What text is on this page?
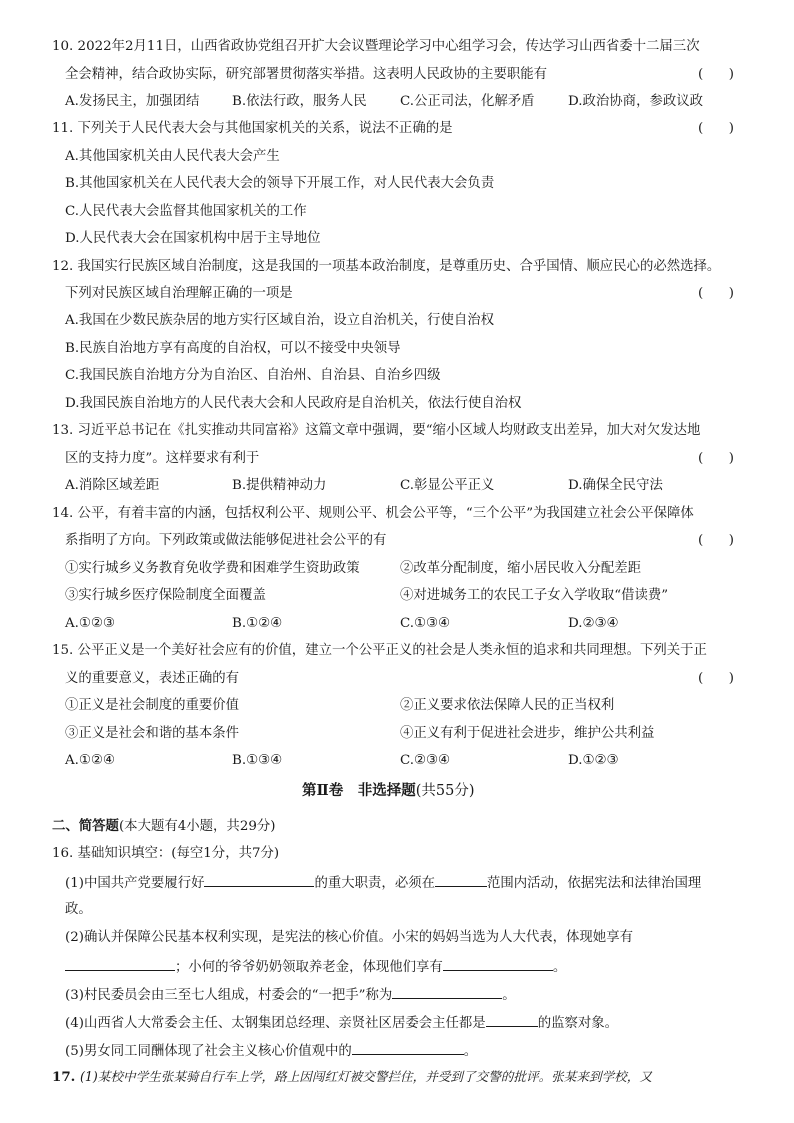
10. 2022年2月11日，山西省政协党组召开扩大会议暨理论学习中心组学习会，传达学习山西省委十二届三次
全会精神，结合政协实际，研究部署贯彻落实举措。这表明人民政协的主要职能有	(      )
A.发扬民主，加强团结 B.依法行政，服务人民 C.公正司法，化解矛盾 D.政治协商，参政议政
11. 下列关于人民代表大会与其他国家机关的关系，说法不正确的是	(      )
A.其他国家机关由人民代表大会产生
B.其他国家机关在人民代表大会的领导下开展工作，对人民代表大会负责
C.人民代表大会监督其他国家机关的工作
D.人民代表大会在国家机构中居于主导地位
12. 我国实行民族区域自治制度，这是我国的一项基本政治制度，是尊重历史、合乎国情、顺应民心的必然选择。
下列对民族区域自治理解正确的一项是	(      )
A.我国在少数民族杂居的地方实行区域自治，设立自治机关，行使自治权
B.民族自治地方享有高度的自治权，可以不接受中央领导
C.我国民族自治地方分为自治区、自治州、自治县、自治乡四级
D.我国民族自治地方的人民代表大会和人民政府是自治机关，依法行使自治权
13. 习近平总书记在《扎实推动共同富裕》这篇文章中强调，要“缩小区域人均财政支出差异，加大对欠发达地
区的支持力度”。这样要求有利于	(      )
A.消除区域差距	B.提供精神动力	C.彰显公平正义	D.确保全民守法
14. 公平，有着丰富的内涵，包括权利公平、规则公平、机会公平等，“三个公平”为我国建立社会公平保障体
系指明了方向。下列政策或做法能够促进社会公平的有	(      )
①实行城乡义务教育免收学费和困难学生资助政策	②改革分配制度，缩小居民收入分配差距
③实行城乡医疗保险制度全面覆盖	④对进城务工的农民工子女入学收取“借读费”
A.①②③	B.①②④	C.①③④	D.②③④
15. 公平正义是一个美好社会应有的价值，建立一个公平正义的社会是人类永恒的追求和共同理想。下列关于正
义的重要意义，表述正确的有	(      )
①正义是社会制度的重要价值	②正义要求依法保障人民的正当权利
③正义是社会和谐的基本条件	④正义有利于促进社会进步，维护公共利益
A.①②④	B.①③④	C.②③④	D.①②③
第Ⅱ卷　非选择题(共55分)
二、简答题(本大题有4小题，共29分)
16. 基础知识填空：(每空1分，共7分)
(1)中国共产党要履行好	的重大职责，必须在	范围内活动，依据宪法和法律治国理
政。
(2)确认并保障公民基本权利实现，是宪法的核心价值。小宋的妈妈当选为人大代表，体现她享有
；小何的爷爷奶奶领取养老金，体现他们享有	。
(3)村民委员会由三至七人组成，村委会的“一把手”称为	。
(4)山西省人大常委会主任、太钢集团总经理、亲贤社区居委会主任都是	的监察对象。
(5)男女同工同酬体现了社会主义核心价值观中的	。
17. (1)某校中学生张某骑自行车上学，路上因闯红灯被交警拦住，并受到了交警的批评。张某来到学校，又
